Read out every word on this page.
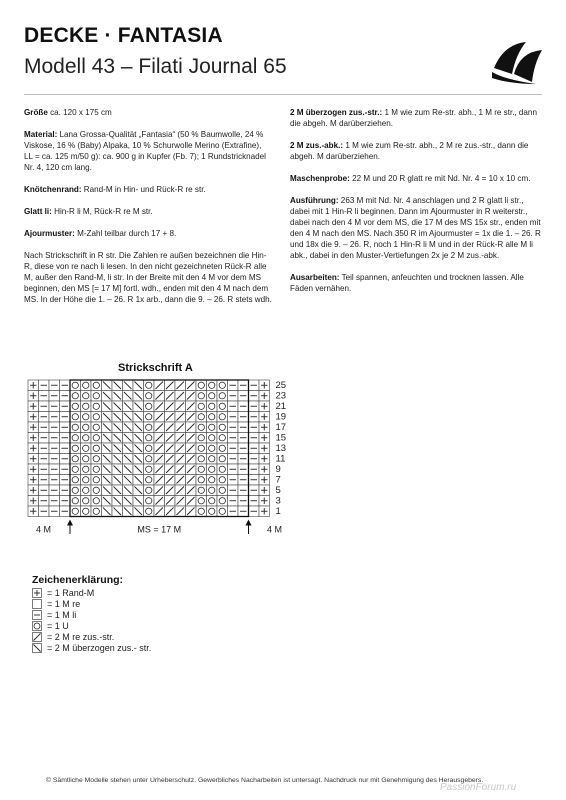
DECKE · FANTASIA
Modell 43 – Filati Journal 65

Größe ca. 120 x 175 cm

Material: Lana Grossa-Qualität „Fantasia“ (50 % Baumwolle, 24 % Viskose, 16 % (Baby) Alpaka, 10 % Schurwolle Merino (Extrafine), LL = ca. 125 m/50 g): ca. 900 g in Kupfer (Fb. 7); 1 Rundstricknadel Nr. 4, 120 cm lang.

Knötchenrand: Rand-M in Hin- und Rück-R re str.

Glatt li: Hin-R li M, Rück-R re M str.

Ajourmuster: M-Zahl teilbar durch 17 + 8.

Nach Strickschrift in R str. Die Zahlen re außen bezeichnen die Hin-R, diese von re nach li lesen. In den nicht gezeichneten Rück-R alle M, außer den Rand-M, li str. In der Breite mit den 4 M vor dem MS beginnen, den MS [= 17 M] fortl. wdh., enden mit den 4 M nach dem MS. In der Höhe die 1. – 26. R 1x arb., dann die 9. – 26. R stets wdh.

2 M überzogen zus.-str.: 1 M wie zum Re-str. abh., 1 M re str., dann die abgeh. M darüberziehen.

2 M zus.-abk.: 1 M wie zum Re-str. abh., 2 M re zus.-str., dann die abgeh. M darüberziehen.

Maschenprobe: 22 M und 20 R glatt re mit Nd. Nr. 4 = 10 x 10 cm.

Ausführung: 263 M mit Nd. Nr. 4 anschlagen und 2 R glatt li str., dabei mit 1 Hin-R li beginnen. Dann im Ajourmuster in R weiterstr., dabei nach den 4 M vor dem MS, die 17 M des MS 15x str., enden mit den 4 M nach den MS. Nach 350 R im Ajourmuster = 1x die 1. – 26. R und 18x die 9. – 26. R, noch 1 Hin-R li M und in der Rück-R alle M li abk., dabei in den Muster-Vertiefungen 2x je 2 M zus.-abk.

Ausarbeiten: Teil spannen, anfeuchten und trocknen lassen. Alle Fäden vernähen.

Strickschrift A
25
23
21
19
17
15
13
11
9
7
5
3
1
4 M	MS = 17 M	4 M
Zeichenerklärung:
= 1 Rand-M
= 1 M re
= 1 M li
= 1 U
= 2 M re zus.-str.
= 2 M überzogen zus.- str.
© Sämtliche Modelle stehen unter Urheberschutz. Gewerbliches Nacharbeiten ist untersagt. Nachdruck nur mit Genehmigung des Herausgebers.
PassionForum.ru
